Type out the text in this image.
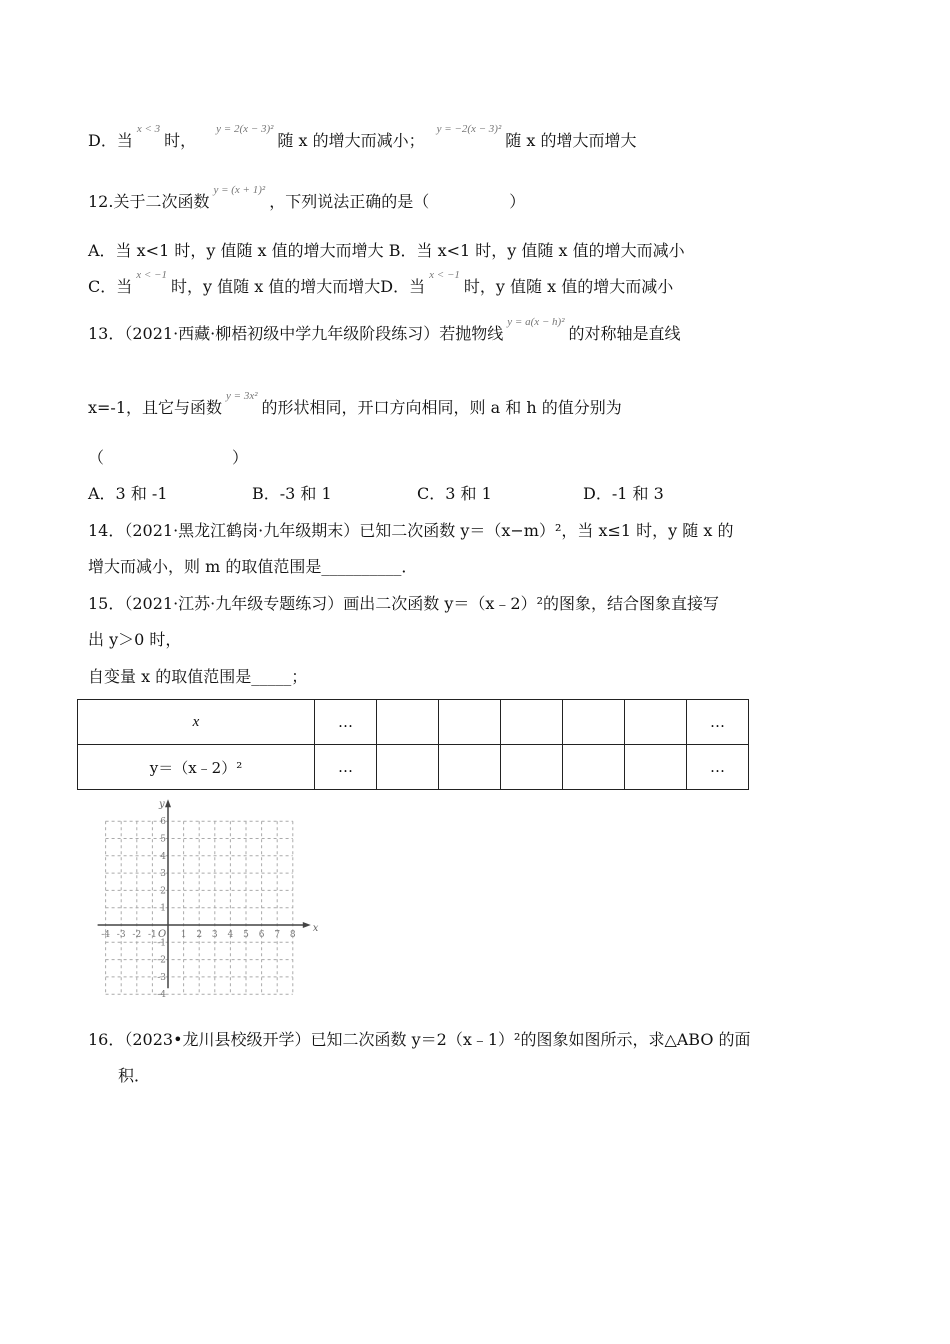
D．当$^{x < 3}$时，$^{y = 2(x - 3)^2}$随 x 的增大而减小；$^{y = -2(x - 3)^2}$随 x 的增大而增大
12.关于二次函数$^{y = (x + 1)^2}$，下列说法正确的是（　　　　　）
A．当 x<1 时，y 值随 x 值的增大而增大 B．当 x<1 时，y 值随 x 值的增大而减小
C．当$^{x < -1}$时，y 值随 x 值的增大而增大D．当$^{x < -1}$时，y 值随 x 值的增大而减小
13．（2021·西藏·柳梧初级中学九年级阶段练习）若抛物线$^{y = a(x - h)^2}$的对称轴是直线
x=-1，且它与函数$^{y = 3x^2}$的形状相同，开口方向相同，则 a 和 h 的值分别为
（　　　　　　　　）
A．3 和 -1	B．-3 和 1	C．3 和 1	D．-1 和 3
14．（2021·黑龙江鹤岗·九年级期末）已知二次函数 y＝（x−m）²，当 x≤1 时，y 随 x 的
增大而减小，则 m 的取值范围是__________．
15．（2021·江苏·九年级专题练习）画出二次函数 y＝（x﹣2）²的图象，结合图象直接写
出 y＞0 时，
自变量 x 的取值范围是_____；
x	…						…
y＝（x﹣2）²	…						…
-4 -3 -2 -1	1 2 3 4 5 6 7 8
-4
-3
-2
-1
1
2
3
4
5
6
O
x
y
16．（2023•龙川县校级开学）已知二次函数 y＝2（x﹣1）²的图象如图所示，求△ABO 的面
积．
